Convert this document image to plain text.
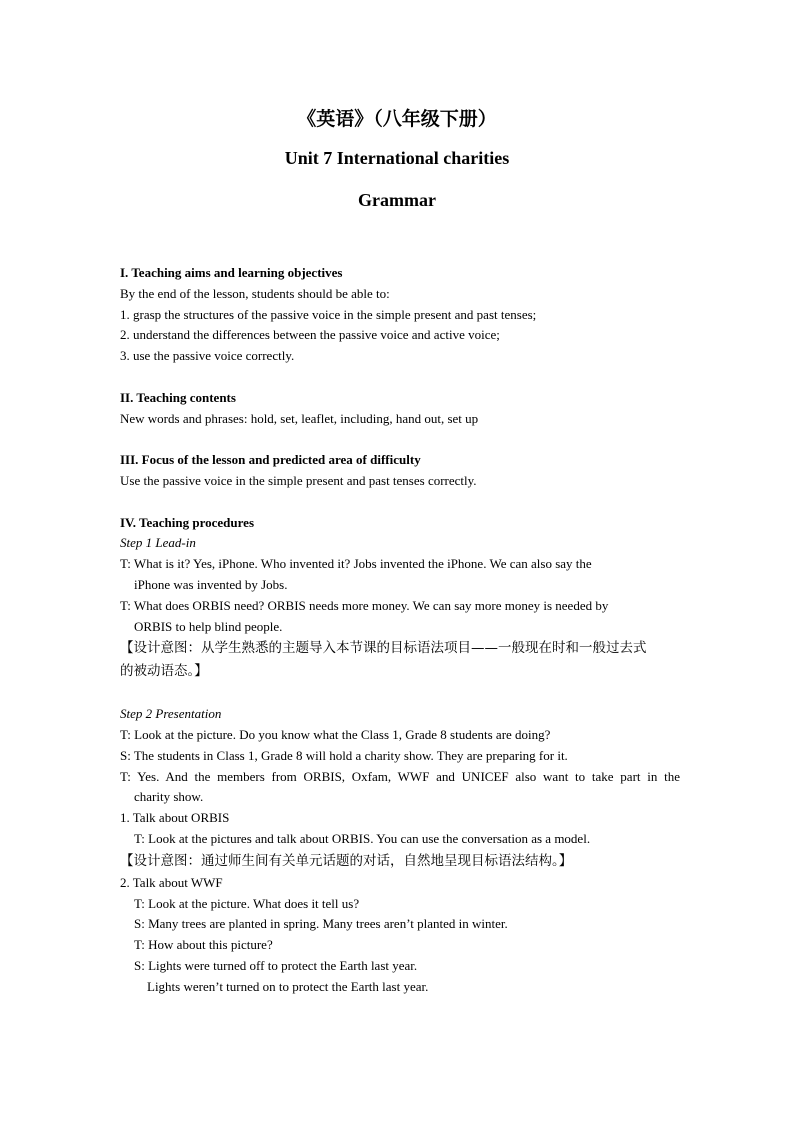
《英语》（八年级下册）
Unit 7 International charities
Grammar
I. Teaching aims and learning objectives
By the end of the lesson, students should be able to:
1. grasp the structures of the passive voice in the simple present and past tenses;
2. understand the differences between the passive voice and active voice;
3. use the passive voice correctly.
II. Teaching contents
New words and phrases: hold, set, leaflet, including, hand out, set up
III. Focus of the lesson and predicted area of difficulty
Use the passive voice in the simple present and past tenses correctly.
IV. Teaching procedures
Step 1 Lead-in
T: What is it? Yes, iPhone. Who invented it? Jobs invented the iPhone. We can also say the
iPhone was invented by Jobs.
T: What does ORBIS need? ORBIS needs more money. We can say more money is needed by
ORBIS to help blind people.
【设计意图：从学生熟悉的主题导入本节课的目标语法项目——一般现在时和一般过去式
的被动语态。】
Step 2 Presentation
T: Look at the picture. Do you know what the Class 1, Grade 8 students are doing?
S: The students in Class 1, Grade 8 will hold a charity show. They are preparing for it.
T: Yes. And the members from ORBIS, Oxfam, WWF and UNICEF also want to take part in the
charity show.
1. Talk about ORBIS
T: Look at the pictures and talk about ORBIS. You can use the conversation as a model.
【设计意图：通过师生间有关单元话题的对话，自然地呈现目标语法结构。】
2. Talk about WWF
T: Look at the picture. What does it tell us?
S: Many trees are planted in spring. Many trees aren’t planted in winter.
T: How about this picture?
S: Lights were turned off to protect the Earth last year.
Lights weren’t turned on to protect the Earth last year.
